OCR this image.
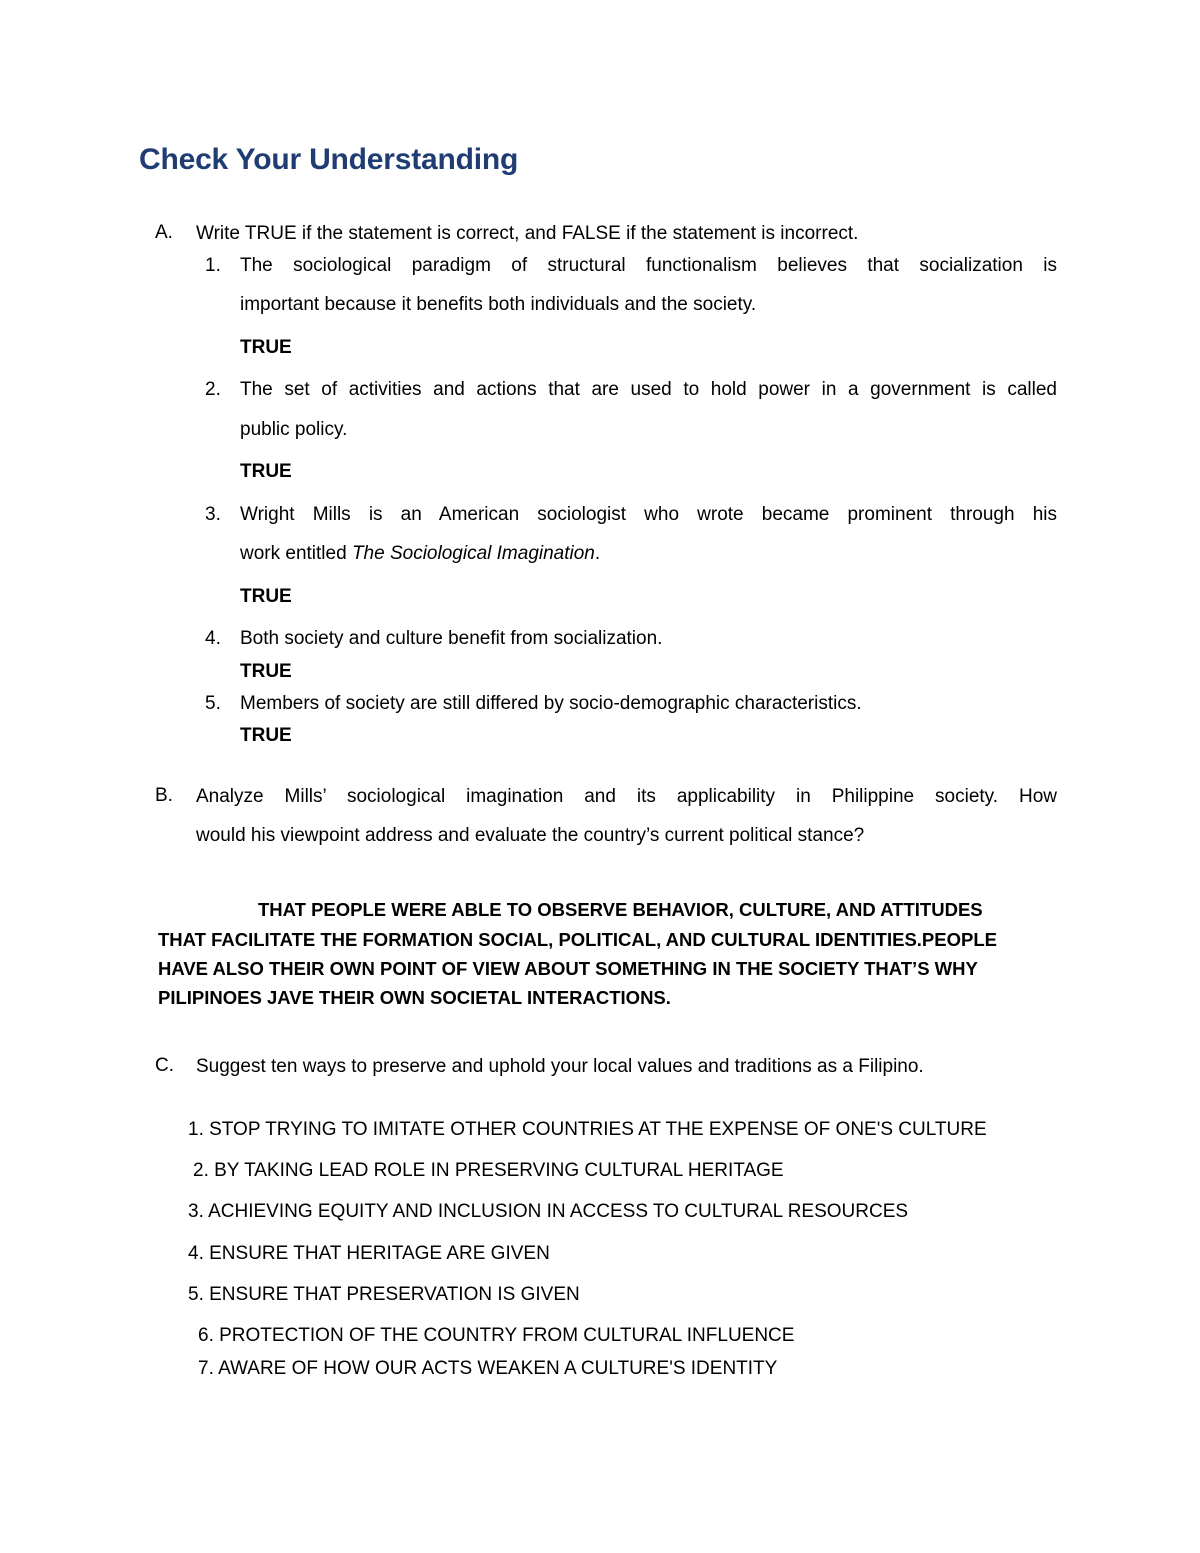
Check Your Understanding
A. Write TRUE if the statement is correct, and FALSE if the statement is incorrect.
1. The sociological paradigm of structural functionalism believes that socialization is
important because it benefits both individuals and the society.
TRUE
2. The set of activities and actions that are used to hold power in a government is called
public policy.
TRUE
3. Wright Mills is an American sociologist who wrote became prominent through his
work entitled The Sociological Imagination.
TRUE
4. Both society and culture benefit from socialization.
TRUE
5. Members of society are still differed by socio-demographic characteristics.
TRUE
B. Analyze Mills’ sociological imagination and its applicability in Philippine society. How
would his viewpoint address and evaluate the country’s current political stance?
THAT PEOPLE WERE ABLE TO OBSERVE BEHAVIOR, CULTURE, AND ATTITUDES
THAT FACILITATE THE FORMATION SOCIAL, POLITICAL, AND CULTURAL IDENTITIES.PEOPLE
HAVE ALSO THEIR OWN POINT OF VIEW ABOUT SOMETHING IN THE SOCIETY THAT’S WHY
PILIPINOES JAVE THEIR OWN SOCIETAL INTERACTIONS.
C. Suggest ten ways to preserve and uphold your local values and traditions as a Filipino.
1. STOP TRYING TO IMITATE OTHER COUNTRIES AT THE EXPENSE OF ONE'S CULTURE
2. BY TAKING LEAD ROLE IN PRESERVING CULTURAL HERITAGE
3. ACHIEVING EQUITY AND INCLUSION IN ACCESS TO CULTURAL RESOURCES
4. ENSURE THAT HERITAGE ARE GIVEN
5. ENSURE THAT PRESERVATION IS GIVEN
6. PROTECTION OF THE COUNTRY FROM CULTURAL INFLUENCE
7. AWARE OF HOW OUR ACTS WEAKEN A CULTURE'S IDENTITY
